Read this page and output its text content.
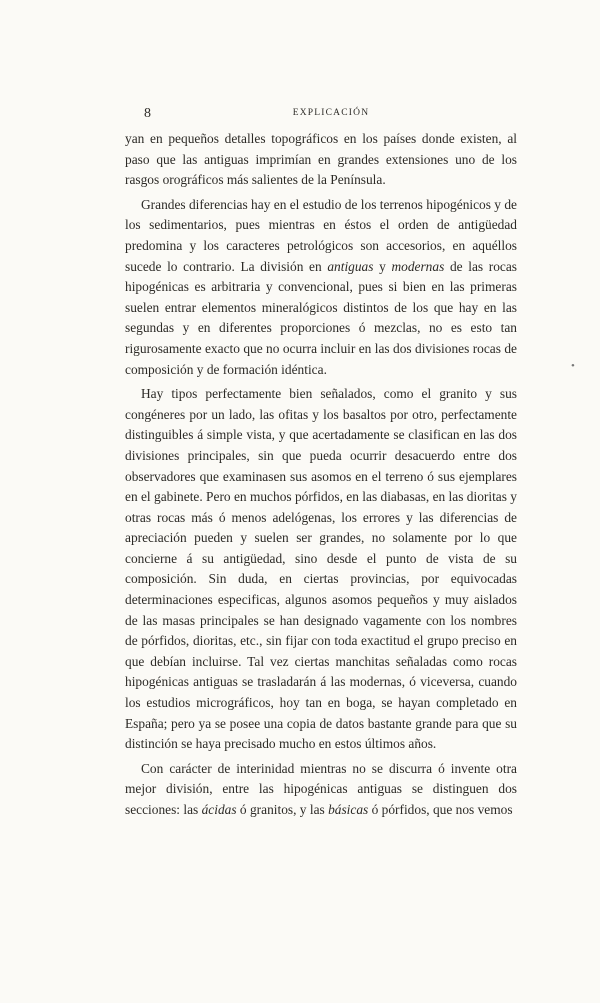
8	EXPLICACIÓN

yan en pequeños detalles topográficos en los países donde existen, al paso que las antiguas imprimían en grandes extensiones uno de los rasgos orográficos más salientes de la Península.

Grandes diferencias hay en el estudio de los terrenos hipogénicos y de los sedimentarios, pues mientras en éstos el orden de antigüedad predomina y los caracteres petrológicos son accesorios, en aquéllos sucede lo contrario. La división en antiguas y modernas de las rocas hipogénicas es arbitraria y convencional, pues si bien en las primeras suelen entrar elementos mineralógicos distintos de los que hay en las segundas y en diferentes proporciones ó mezclas, no es esto tan rigurosamente exacto que no ocurra incluir en las dos divisiones rocas de composición y de formación idéntica.

Hay tipos perfectamente bien señalados, como el granito y sus congéneres por un lado, las ofitas y los basaltos por otro, perfectamente distinguibles á simple vista, y que acertadamente se clasifican en las dos divisiones principales, sin que pueda ocurrir desacuerdo entre dos observadores que examinasen sus asomos en el terreno ó sus ejemplares en el gabinete. Pero en muchos pórfidos, en las diabasas, en las dioritas y otras rocas más ó menos adelógenas, los errores y las diferencias de apreciación pueden y suelen ser grandes, no solamente por lo que concierne á su antigüedad, sino desde el punto de vista de su composición. Sin duda, en ciertas provincias, por equivocadas determinaciones especificas, algunos asomos pequeños y muy aislados de las masas principales se han designado vagamente con los nombres de pórfidos, dioritas, etc., sin fijar con toda exactitud el grupo preciso en que debían incluirse. Tal vez ciertas manchitas señaladas como rocas hipogénicas antiguas se trasladarán á las modernas, ó viceversa, cuando los estudios micrográficos, hoy tan en boga, se hayan completado en España; pero ya se posee una copia de datos bastante grande para que su distinción se haya precisado mucho en estos últimos años.

Con carácter de interinidad mientras no se discurra ó invente otra mejor división, entre las hipogénicas antiguas se distinguen dos secciones: las ácidas ó granitos, y las básicas ó pórfidos, que nos vemos

•
